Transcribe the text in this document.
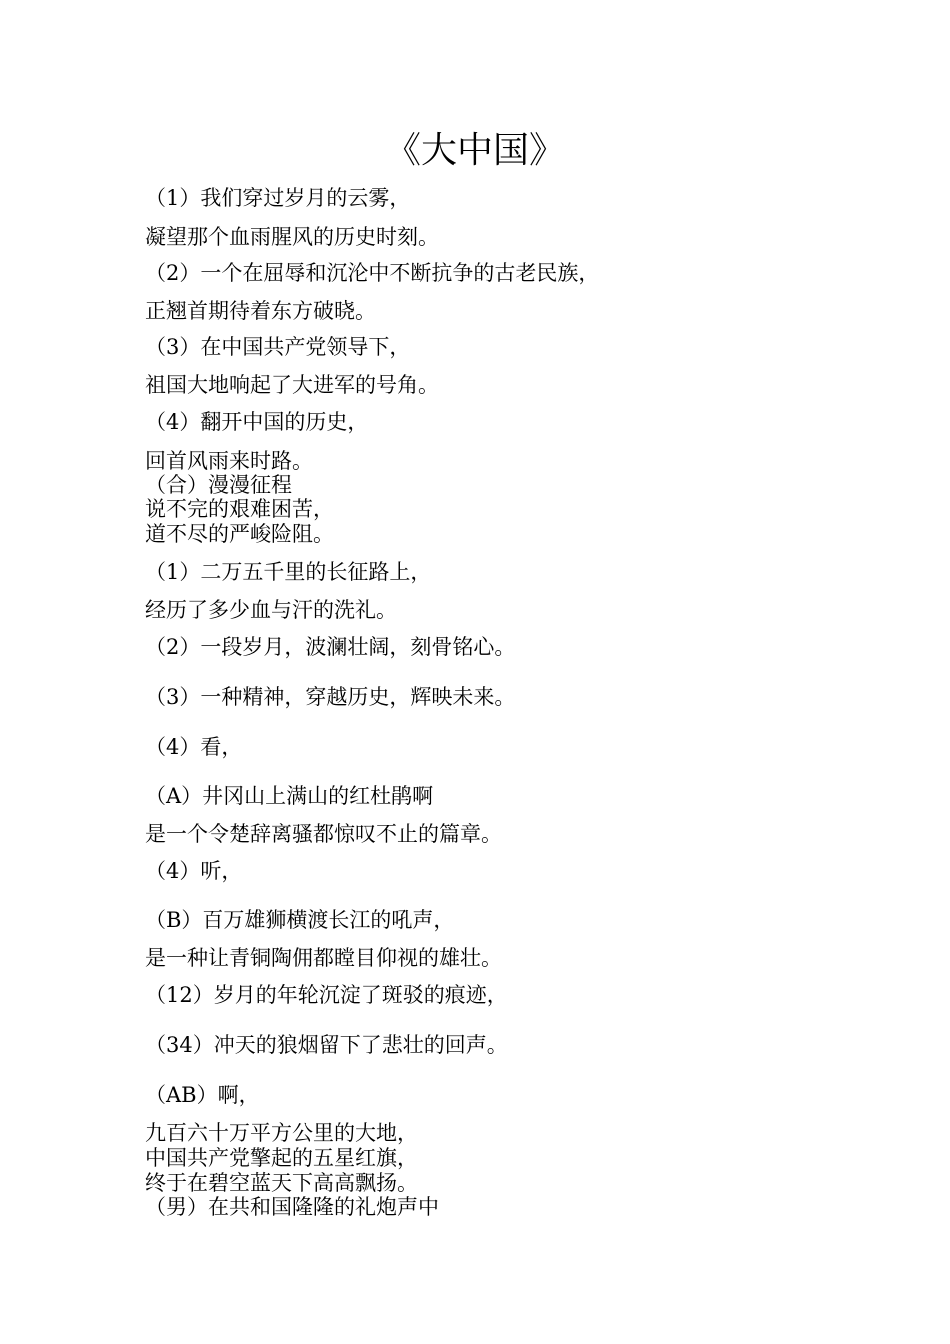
《大中国》

（1）我们穿过岁月的云雾，

凝望那个血雨腥风的历史时刻。

（2）一个在屈辱和沉沦中不断抗争的古老民族，

正翘首期待着东方破晓。

（3）在中国共产党领导下，

祖国大地响起了大进军的号角。

（4）翻开中国的历史，

回首风雨来时路。

（合）漫漫征程

说不完的艰难困苦，

道不尽的严峻险阻。

（1）二万五千里的长征路上，

经历了多少血与汗的洗礼。

（2）一段岁月，波澜壮阔，刻骨铭心。

（3）一种精神，穿越历史，辉映未来。

（4）看，

（A）井冈山上满山的红杜鹃啊

是一个令楚辞离骚都惊叹不止的篇章。

（4）听，

（B）百万雄狮横渡长江的吼声，

是一种让青铜陶佣都瞠目仰视的雄壮。

（12）岁月的年轮沉淀了斑驳的痕迹，

（34）冲天的狼烟留下了悲壮的回声。

（AB）啊，

九百六十万平方公里的大地，

中国共产党擎起的五星红旗，

终于在碧空蓝天下高高飘扬。

（男）在共和国隆隆的礼炮声中
